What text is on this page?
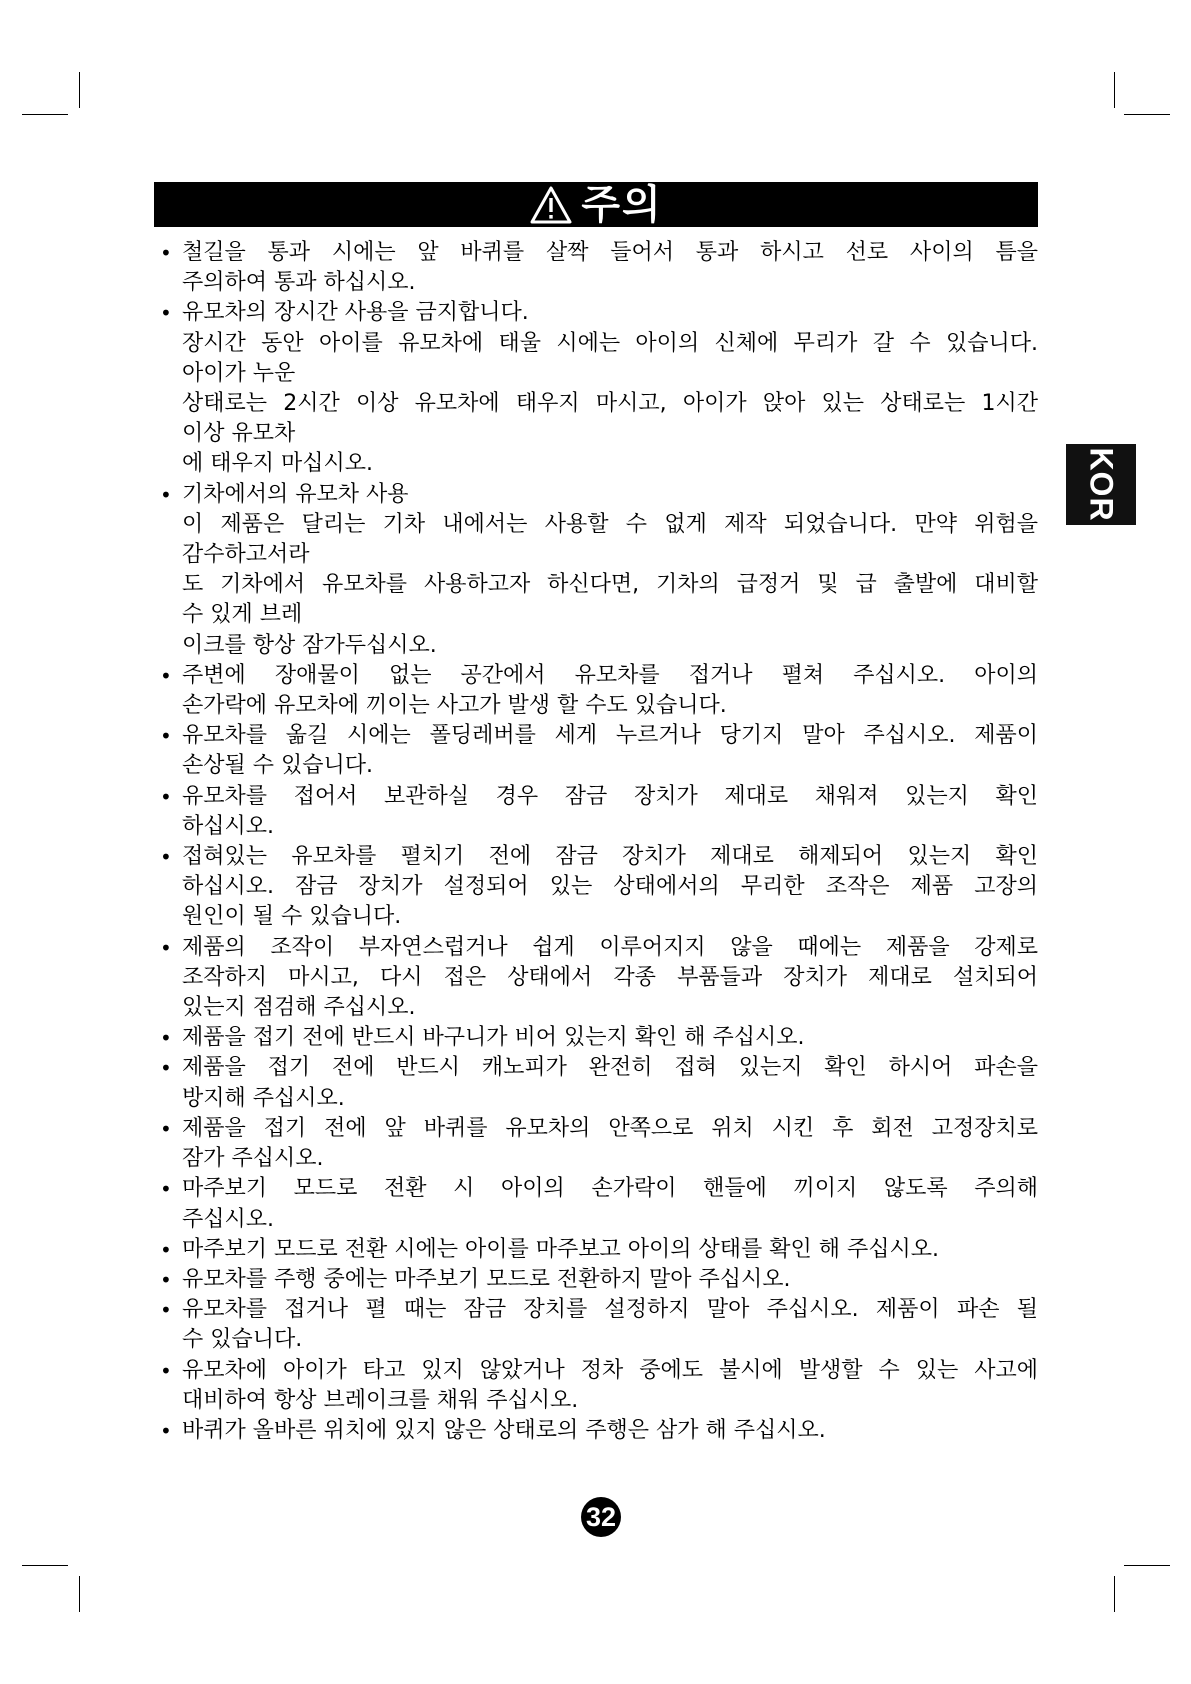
주의
• 철길을 통과 시에는 앞 바퀴를 살짝 들어서 통과 하시고 선로 사이의 틈을
주의하여 통과 하십시오.
• 유모차의 장시간 사용을 금지합니다.
장시간 동안 아이를 유모차에 태울 시에는 아이의 신체에 무리가 갈 수 있습니다.
아이가 누운
상태로는 2시간 이상 유모차에 태우지 마시고, 아이가 앉아 있는 상태로는 1시간
이상 유모차
에 태우지 마십시오.
• 기차에서의 유모차 사용
이 제품은 달리는 기차 내에서는 사용할 수 없게 제작 되었습니다. 만약 위험을
감수하고서라
도 기차에서 유모차를 사용하고자 하신다면, 기차의 급정거 및 급 출발에 대비할
수 있게 브레
이크를 항상 잠가두십시오.
• 주변에 장애물이 없는 공간에서 유모차를 접거나 펼쳐 주십시오. 아이의
손가락에 유모차에 끼이는 사고가 발생 할 수도 있습니다.
• 유모차를 옮길 시에는 폴딩레버를 세게 누르거나 당기지 말아 주십시오. 제품이
손상될 수 있습니다.
• 유모차를 접어서 보관하실 경우 잠금 장치가 제대로 채워져 있는지 확인
하십시오.
• 접혀있는 유모차를 펼치기 전에 잠금 장치가 제대로 해제되어 있는지 확인
하십시오. 잠금 장치가 설정되어 있는 상태에서의 무리한 조작은 제품 고장의
원인이 될 수 있습니다.
• 제품의 조작이 부자연스럽거나 쉽게 이루어지지 않을 때에는 제품을 강제로
조작하지 마시고, 다시 접은 상태에서 각종 부품들과 장치가 제대로 설치되어
있는지 점검해 주십시오.
• 제품을 접기 전에 반드시 바구니가 비어 있는지 확인 해 주십시오.
• 제품을 접기 전에 반드시 캐노피가 완전히 접혀 있는지 확인 하시어 파손을
방지해 주십시오.
• 제품을 접기 전에 앞 바퀴를 유모차의 안쪽으로 위치 시킨 후 회전 고정장치로
잠가 주십시오.
• 마주보기 모드로 전환 시 아이의 손가락이 핸들에 끼이지 않도록 주의해
주십시오.
• 마주보기 모드로 전환 시에는 아이를 마주보고 아이의 상태를 확인 해 주십시오.
• 유모차를 주행 중에는 마주보기 모드로 전환하지 말아 주십시오.
• 유모차를 접거나 펼 때는 잠금 장치를 설정하지 말아 주십시오. 제품이 파손 될
수 있습니다.
• 유모차에 아이가 타고 있지 않았거나 정차 중에도 불시에 발생할 수 있는 사고에
대비하여 항상 브레이크를 채워 주십시오.
• 바퀴가 올바른 위치에 있지 않은 상태로의 주행은 삼가 해 주십시오.
KOR
32
